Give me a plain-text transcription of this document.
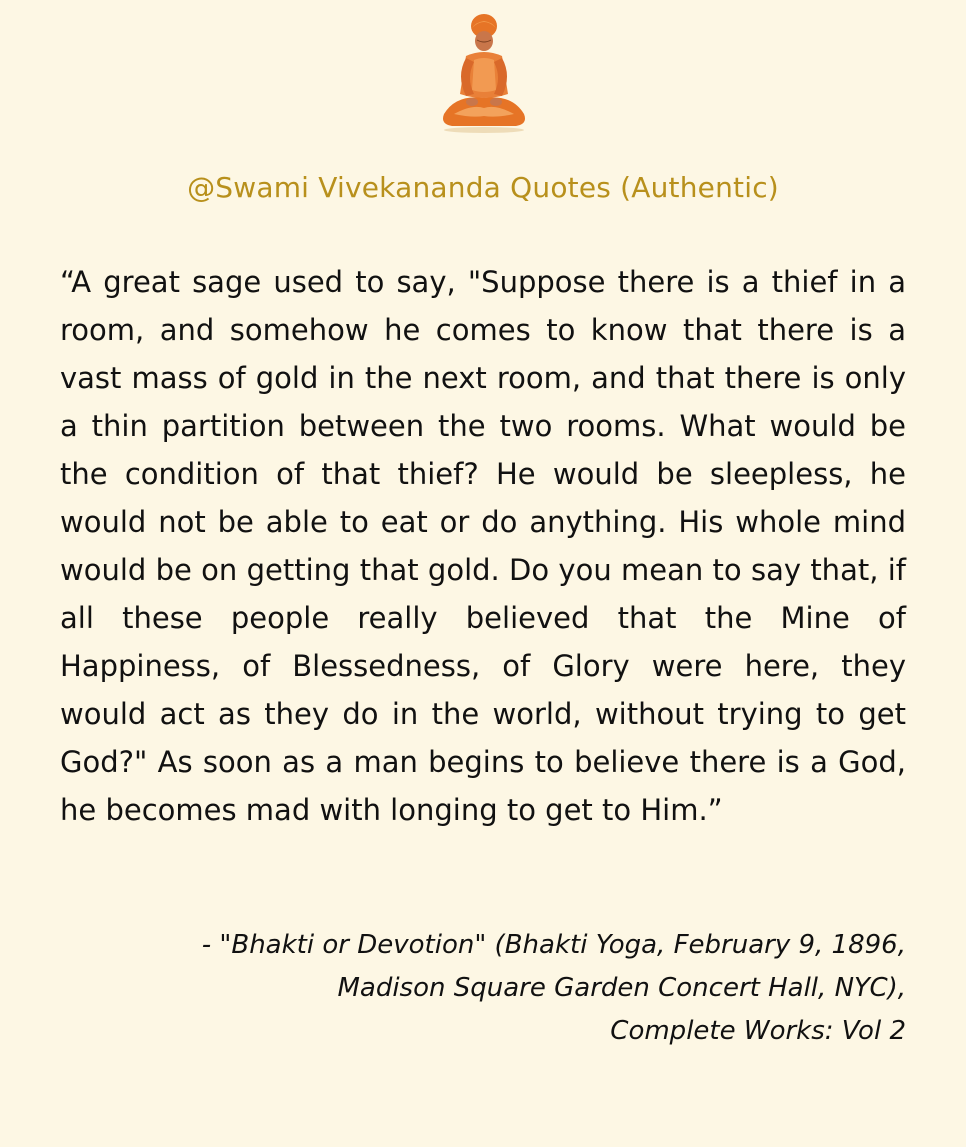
@Swami Vivekananda Quotes (Authentic)

“A great sage used to say, "Suppose there is a thief in a room, and somehow he comes to know that there is a vast mass of gold in the next room, and that there is only a thin partition between the two rooms. What would be the condition of that thief? He would be sleepless, he would not be able to eat or do anything. His whole mind would be on getting that gold. Do you mean to say that, if all these people really believed that the Mine of Happiness, of Blessedness, of Glory were here, they would act as they do in the world, without trying to get God?" As soon as a man begins to believe there is a God, he becomes mad with longing to get to Him.”

- "Bhakti or Devotion" (Bhakti Yoga, February 9, 1896,
Madison Square Garden Concert Hall, NYC),
Complete Works: Vol 2
